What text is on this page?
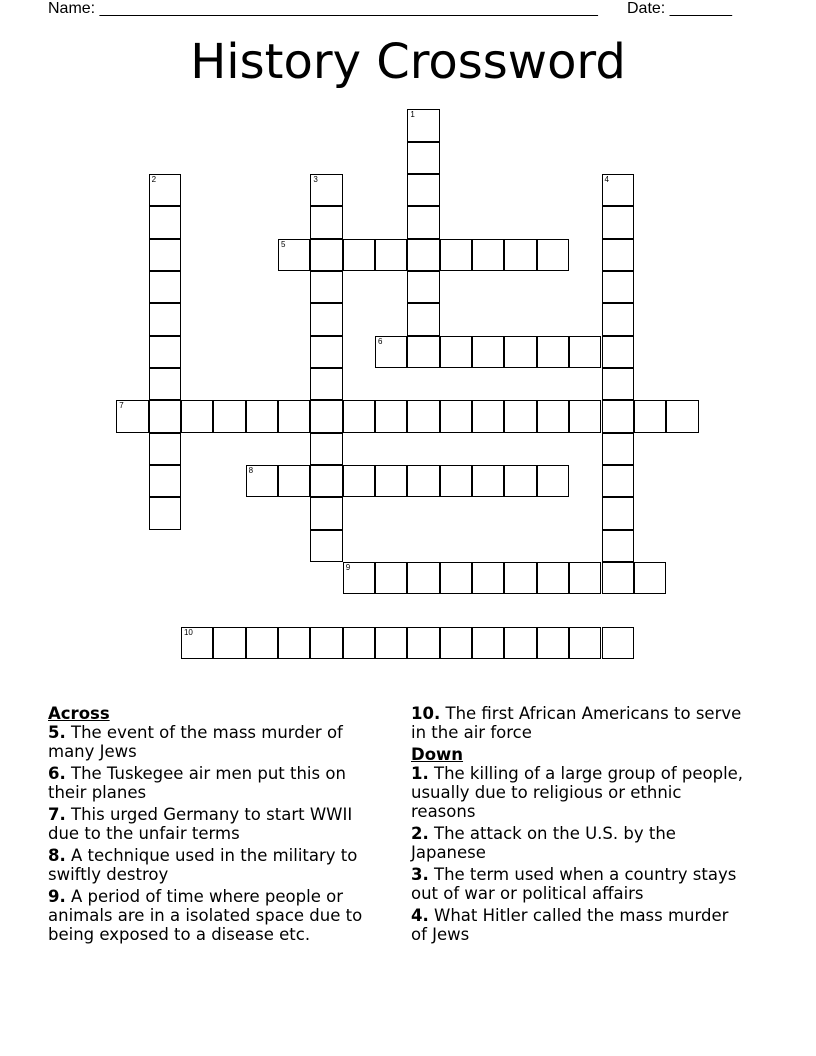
Name: ________________________________________________________ Date: _______
History Crossword
1
2	3	4
5
6
7
8
9
10
Across
5. The event of the mass murder of many Jews
6. The Tuskegee air men put this on their planes
7. This urged Germany to start WWII due to the unfair terms
8. A technique used in the military to swiftly destroy
9. A period of time where people or animals are in a isolated space due to being exposed to a disease etc.
10. The first African Americans to serve in the air force
Down
1. The killing of a large group of people, usually due to religious or ethnic reasons
2. The attack on the U.S. by the Japanese
3. The term used when a country stays out of war or political affairs
4. What Hitler called the mass murder of Jews
